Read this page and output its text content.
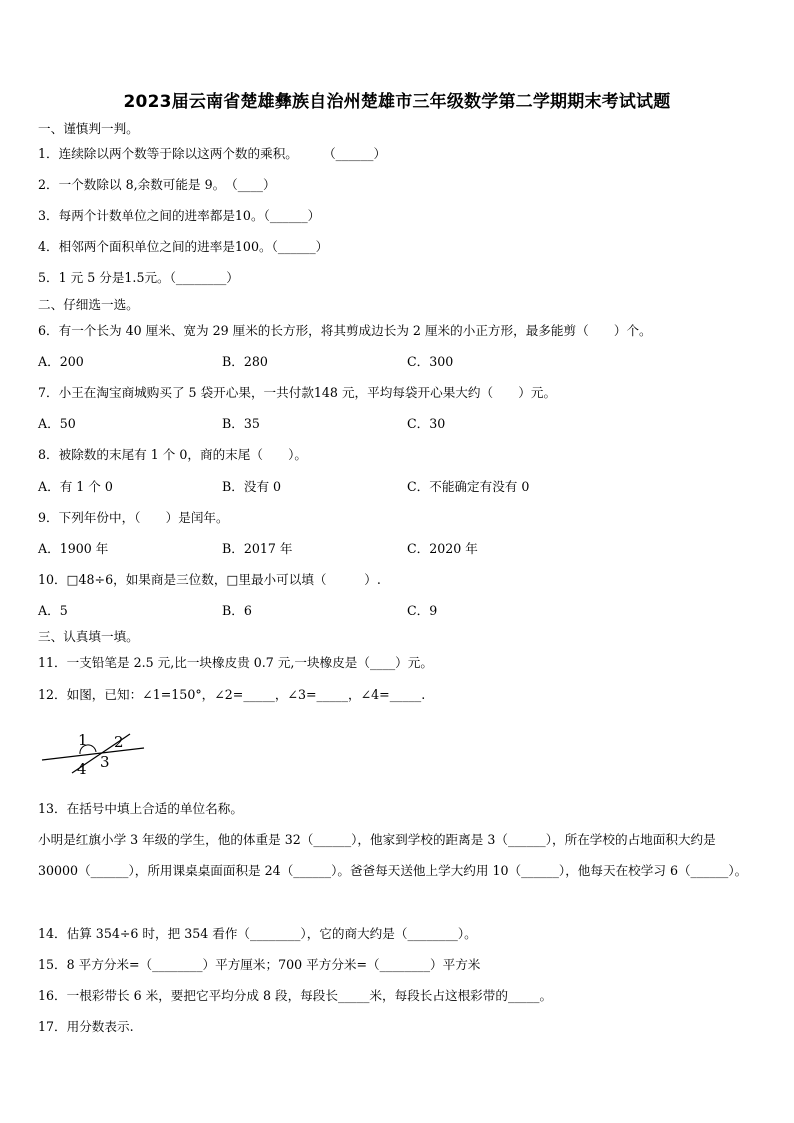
2023届云南省楚雄彝族自治州楚雄市三年级数学第二学期期末考试试题
一、谨慎判一判。
1．连续除以两个数等于除以这两个数的乘积。　　　（______）
2．一个数除以 8,余数可能是 9。　（____）
3．每两个计数单位之间的进率都是10。（______）
4．相邻两个面积单位之间的进率是100。（______）
5．1 元 5 分是1.5元。（________）
二、仔细选一选。
6．有一个长为 40 厘米、宽为 29 厘米的长方形，将其剪成边长为 2 厘米的小正方形，最多能剪（　　）个。
A．200	B．280	C．300
7．小王在淘宝商城购买了 5 袋开心果，一共付款148 元，平均每袋开心果大约（　　）元。
A．50	B．35	C．30
8．被除数的末尾有 1 个 0，商的末尾（　　）。
A．有 1 个 0	B．没有 0	C．不能确定有没有 0
9．下列年份中，（　　）是闰年。
A．1900 年	B．2017 年	C．2020 年
10．□48÷6，如果商是三位数，□里最小可以填（　　　）.
A．5	B．6	C．9
三、认真填一填。
11．一支铅笔是 2.5 元,比一块橡皮贵 0.7 元,一块橡皮是（____）元。
12．如图，已知：∠1=150°，∠2=_____，∠3=_____，∠4=_____.
1 2
3
4
13．在括号中填上合适的单位名称。
小明是红旗小学 3 年级的学生，他的体重是 32（______），他家到学校的距离是 3（______），所在学校的占地面积大约是 30000（______），所用课桌桌面面积是 24（______）。爸爸每天送他上学大约用 10（______），他每天在校学习 6（______）。
14．估算 354÷6 时，把 354 看作（________），它的商大约是（________）。
15．8 平方分米=（________）平方厘米；700 平方分米=（________）平方米
16．一根彩带长 6 米，要把它平均分成 8 段，每段长_____米，每段长占这根彩带的_____。
17．用分数表示.
